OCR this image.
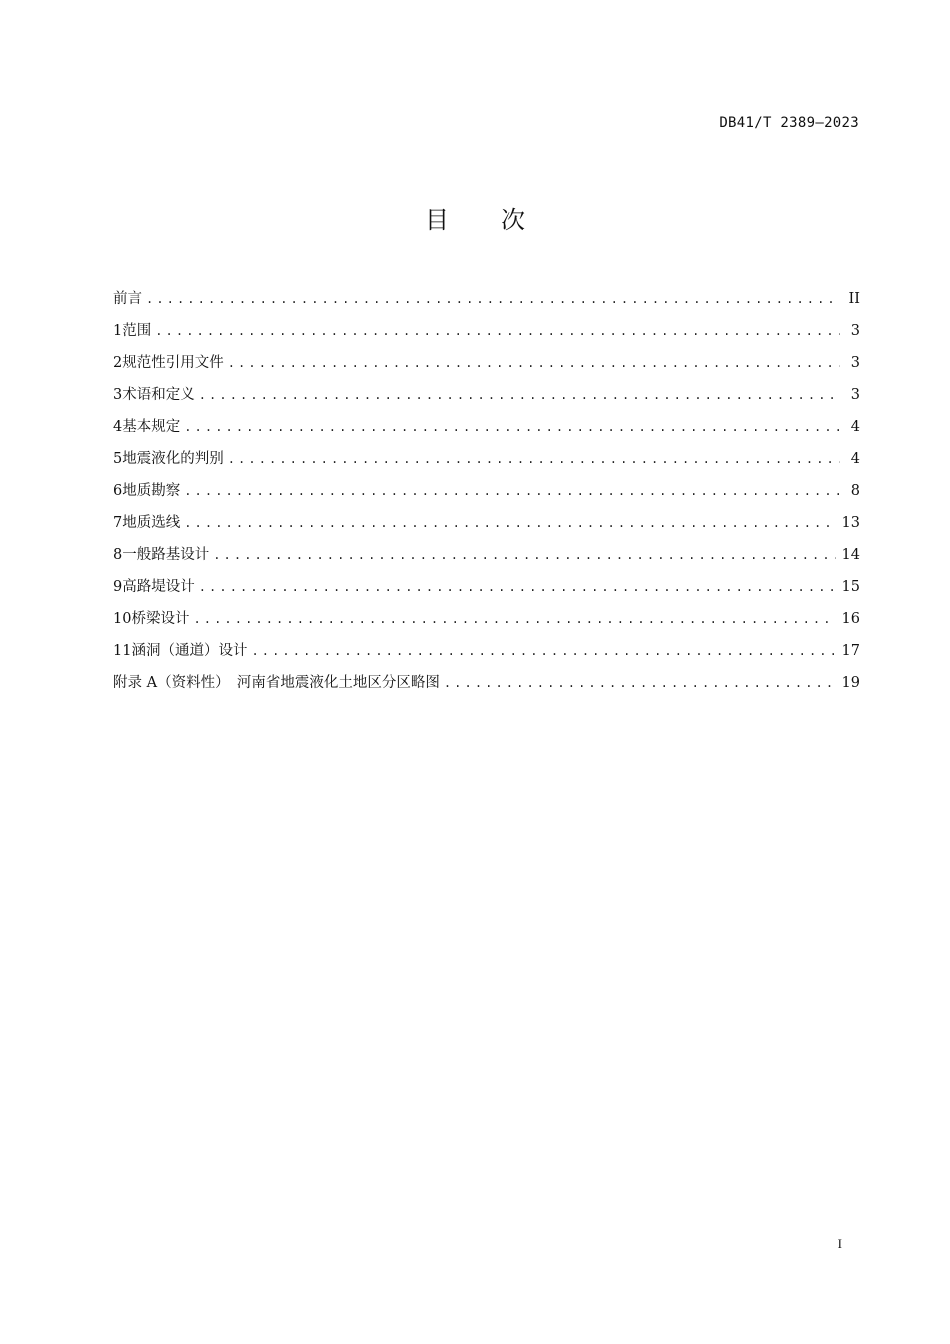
DB41/T 2389—2023
目 次
前言 .....	II
1 范围 .....	3
2 规范性引用文件 .....	3
3 术语和定义 .....	3
4 基本规定 .....	4
5 地震液化的判别 .....	4
6 地质勘察 .....	8
7 地质选线 .....	13
8 一般路基设计 .....	14
9 高路堤设计 .....	15
10 桥梁设计 .....	16
11 涵洞（通道）设计 .....	17
附录 A（资料性）　河南省地震液化土地区分区略图 .....	19
I
